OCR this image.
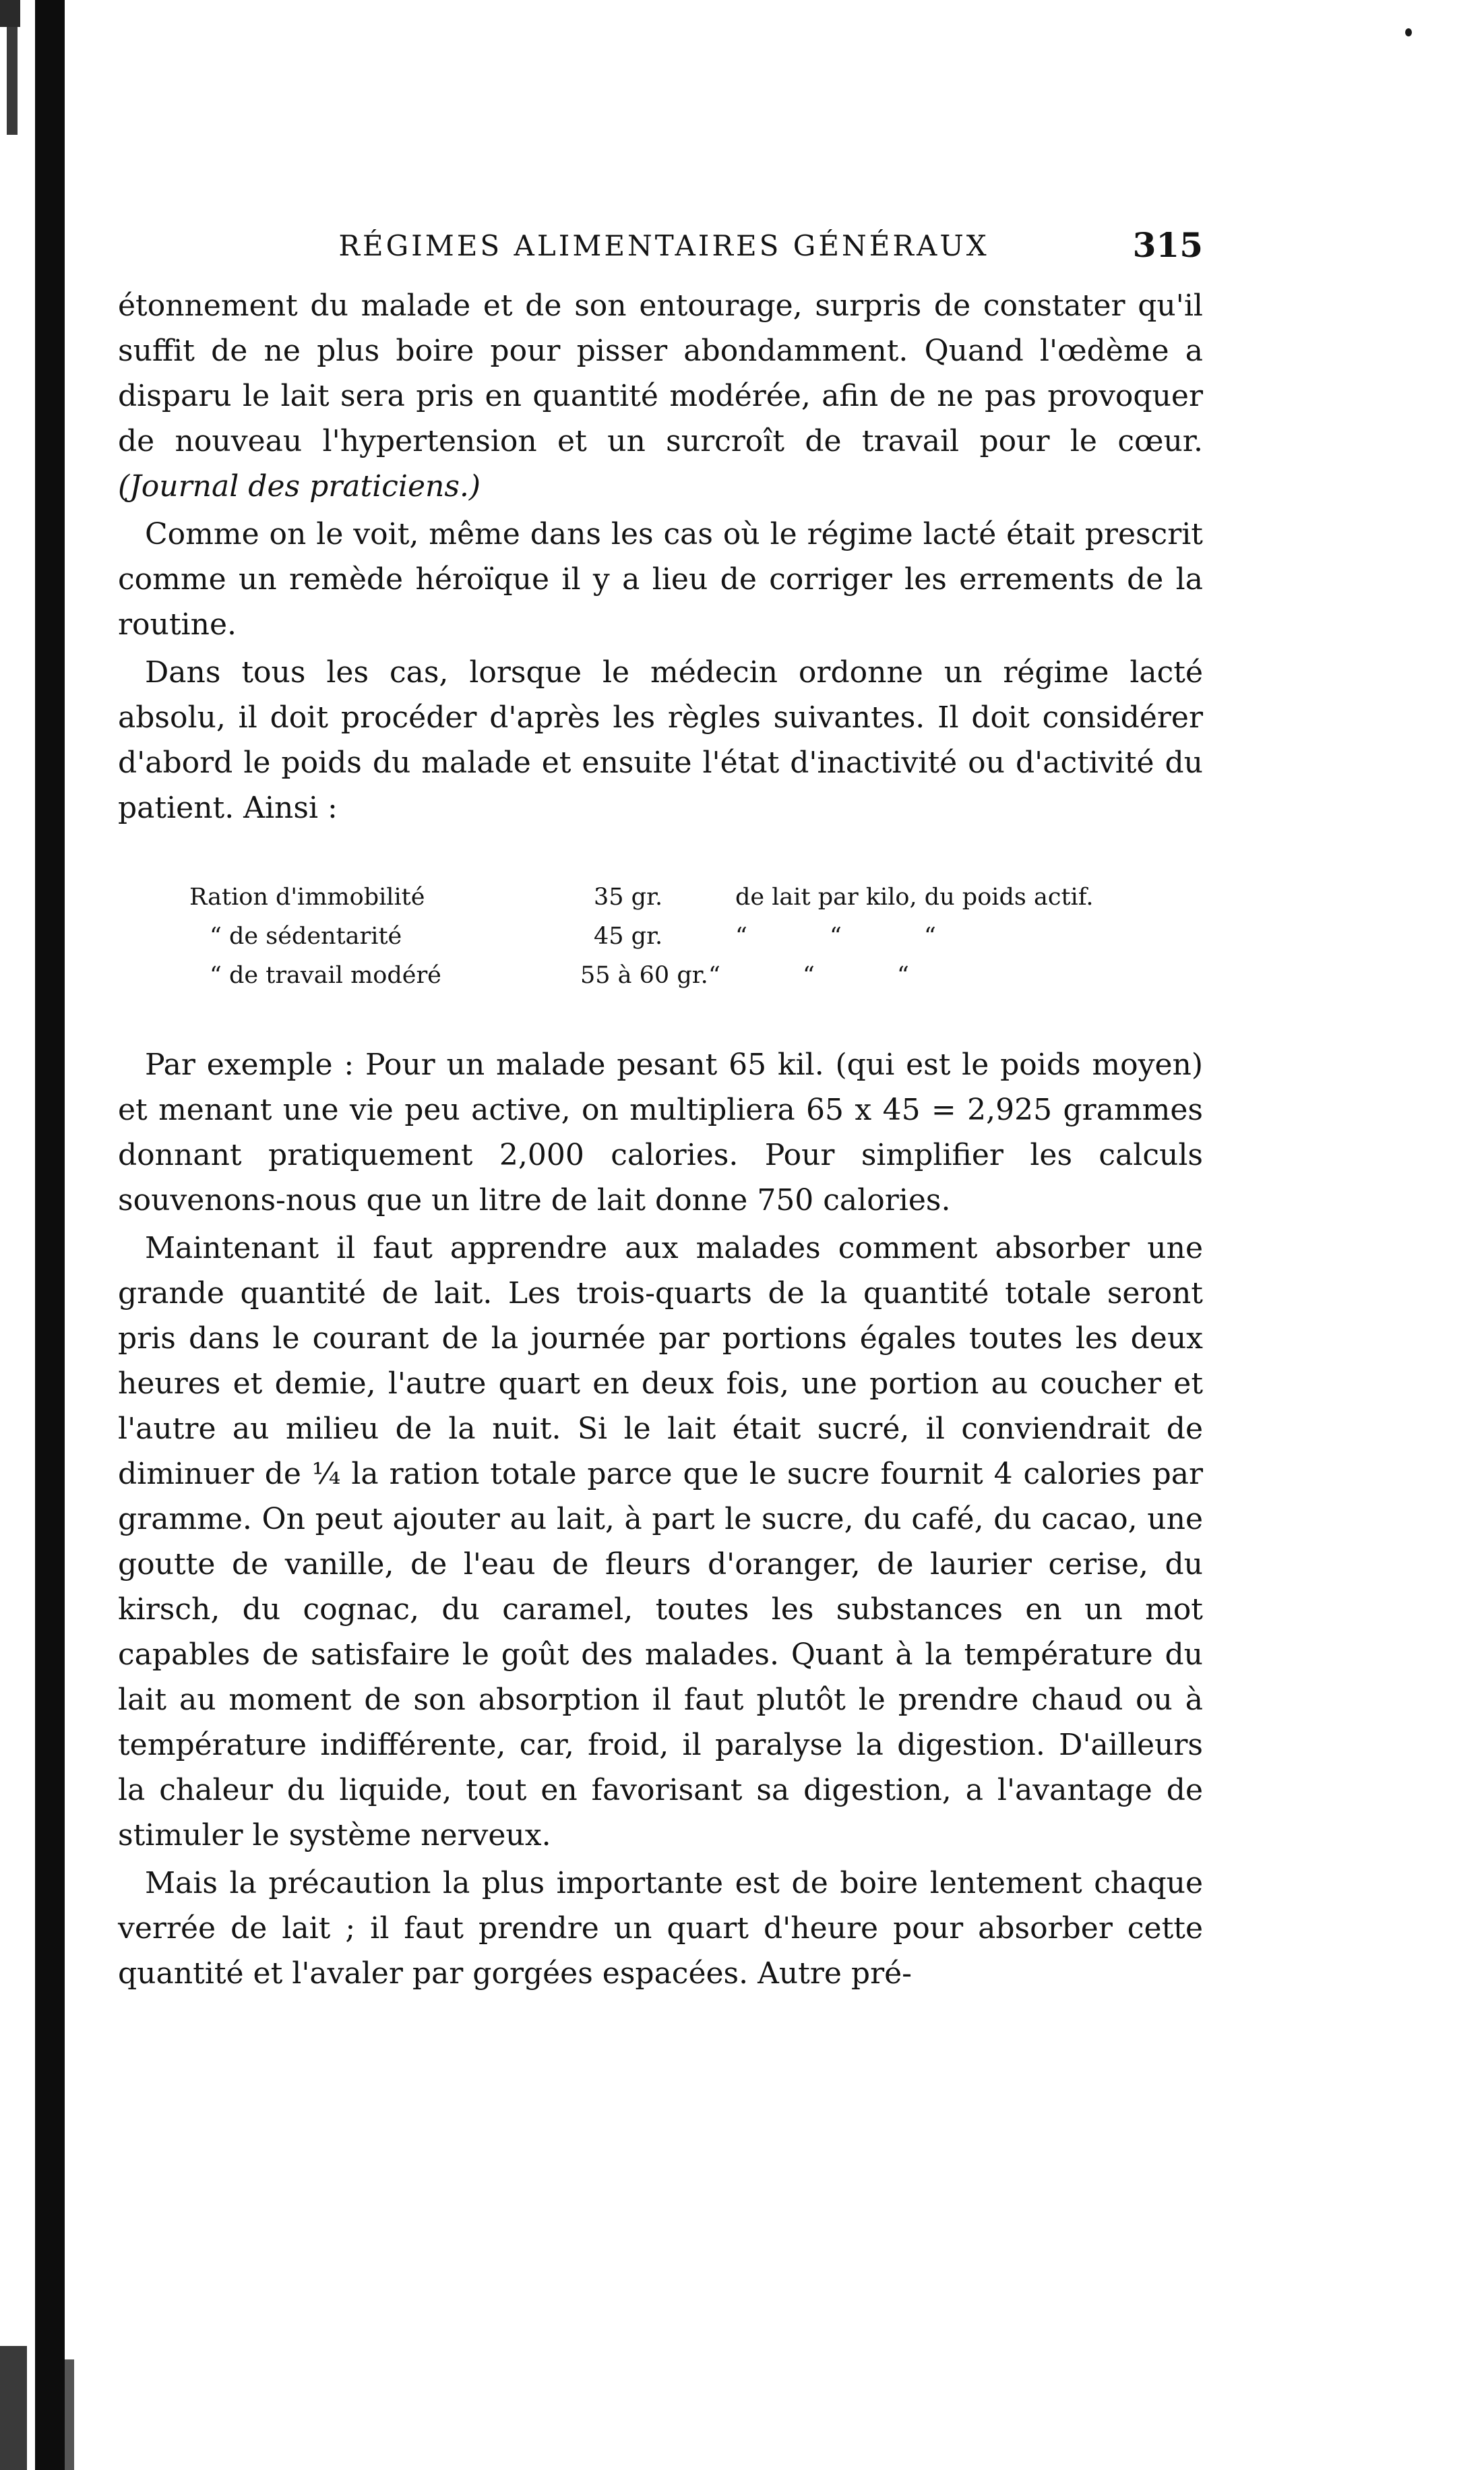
RÉGIMES ALIMENTAIRES GÉNÉRAUX	315

étonnement du malade et de son entourage, surpris de constater qu'il suffit de ne plus boire pour pisser abondamment. Quand l'œdème a disparu le lait sera pris en quantité modérée, afin de ne pas provoquer de nouveau l'hypertension et un surcroît de travail pour le cœur. (Journal des praticiens.)

Comme on le voit, même dans les cas où le régime lacté était prescrit comme un remède héroïque il y a lieu de corriger les errements de la routine.

Dans tous les cas, lorsque le médecin ordonne un régime lacté absolu, il doit procéder d'après les règles suivantes. Il doit considérer d'abord le poids du malade et ensuite l'état d'inactivité ou d'activité du patient. Ainsi :

Ration d'immobilité	35 gr.	de lait par kilo, du poids actif.
“ de sédentarité	45 gr.	“	“	“
“ de travail modéré	55 à 60 gr. “	“	“

Par exemple : Pour un malade pesant 65 kil. (qui est le poids moyen) et menant une vie peu active, on multipliera 65 x 45 = 2,925 grammes donnant pratiquement 2,000 calories. Pour simplifier les calculs souvenons-nous que un litre de lait donne 750 calories.

Maintenant il faut apprendre aux malades comment absorber une grande quantité de lait. Les trois-quarts de la quantité totale seront pris dans le courant de la journée par portions égales toutes les deux heures et demie, l'autre quart en deux fois, une portion au coucher et l'autre au milieu de la nuit. Si le lait était sucré, il conviendrait de diminuer de ¼ la ration totale parce que le sucre fournit 4 calories par gramme. On peut ajouter au lait, à part le sucre, du café, du cacao, une goutte de vanille, de l'eau de fleurs d'oranger, de laurier cerise, du kirsch, du cognac, du caramel, toutes les substances en un mot capables de satisfaire le goût des malades. Quant à la température du lait au moment de son absorption il faut plutôt le prendre chaud ou à température indifférente, car, froid, il paralyse la digestion. D'ailleurs la chaleur du liquide, tout en favorisant sa digestion, a l'avantage de stimuler le système nerveux.

Mais la précaution la plus importante est de boire lentement chaque verrée de lait ; il faut prendre un quart d'heure pour absorber cette quantité et l'avaler par gorgées espacées. Autre pré-
